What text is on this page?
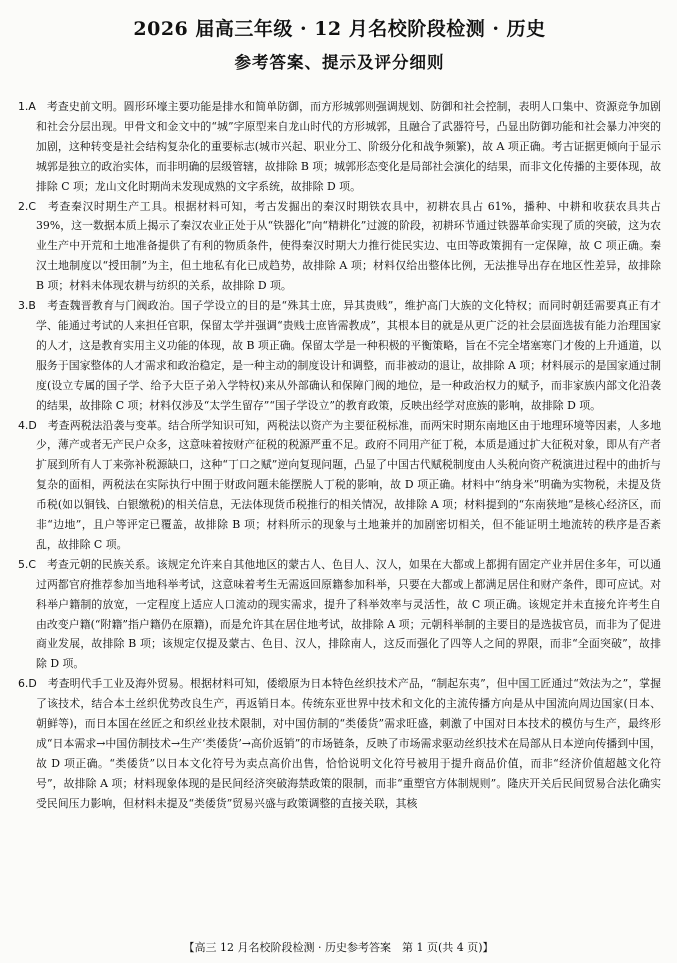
2026 届高三年级 · 12 月名校阶段检测 · 历史
参考答案、提示及评分细则

1.A　 考查史前文明。圆形环壕主要功能是排水和简单防御，而方形城郭则强调规划、防御和社会控制，表明人口集中、资源竞争加剧和社会分层出现。甲骨文和金文中的“城”字原型来自龙山时代的方形城郭，且融合了武器符号，凸显出防御功能和社会暴力冲突的加剧，这种转变是社会结构复杂化的重要标志(城市兴起、职业分工、阶级分化和战争频繁)，故 A 项正确。考古证据更倾向于显示城郭是独立的政治实体，而非明确的层级管辖，故排除 B 项；城郭形态变化是局部社会演化的结果，而非文化传播的主要体现，故排除 C 项；龙山文化时期尚未发现成熟的文字系统，故排除 D 项。

2.C　 考查秦汉时期生产工具。根据材料可知，考古发掘出的秦汉时期铁农具中，初耕农具占 61%，播种、中耕和收获农具共占 39%，这一数据本质上揭示了秦汉农业正处于从“铁器化”向“精耕化”过渡的阶段，初耕环节通过铁器革命实现了质的突破，这为农业生产中开荒和土地准备提供了有利的物质条件，使得秦汉时期大力推行徙民实边、屯田等政策拥有一定保障，故 C 项正确。秦汉土地制度以“授田制”为主，但土地私有化已成趋势，故排除 A 项；材料仅给出整体比例，无法推导出存在地区性差异，故排除 B 项；材料未体现农耕与纺织的关系，故排除 D 项。

3.B　 考查魏晋教育与门阀政治。国子学设立的目的是“殊其士庶，异其贵贱”，维护高门大族的文化特权；而同时朝廷需要真正有才学、能通过考试的人来担任官职，保留太学并强调“贵贱士庶皆需教成”，其根本目的就是从更广泛的社会层面选拔有能力治理国家的人才，这是教育实用主义功能的体现，故 B 项正确。保留太学是一种积极的平衡策略，旨在不完全堵塞寒门才俊的上升通道，以服务于国家整体的人才需求和政治稳定，是一种主动的制度设计和调整，而非被动的退让，故排除 A 项；材料展示的是国家通过制度(设立专属的国子学、给予大臣子弟入学特权)来从外部确认和保障门阀的地位，是一种政治权力的赋予，而非家族内部文化沿袭的结果，故排除 C 项；材料仅涉及“太学生留存”“国子学设立”的教育政策，反映出经学对庶族的影响，故排除 D 项。

4.D　 考查两税法沿袭与变革。结合所学知识可知，两税法以资产为主要征税标准，而两宋时期东南地区由于地理环境等因素，人多地少，薄产或者无产民户众多，这意味着按财产征税的税源严重不足。政府不同用产征丁税，本质是通过扩大征税对象，即从有产者扩展到所有人丁来弥补税源缺口，这种“丁口之赋”逆向复现问题，凸显了中国古代赋税制度由人头税向资产税演进过程中的曲折与复杂的面相，两税法在实际执行中囿于财政问题未能摆脱人丁税的影响，故 D 项正确。材料中“纳身米”明确为实物税，未提及货币税(如以铜钱、白银缴税)的相关信息，无法体现货币税推行的相关情况，故排除 A 项；材料提到的“东南狭地”是核心经济区，而非“边地”，且户等评定已覆盖，故排除 B 项；材料所示的现象与土地兼并的加剧密切相关，但不能证明土地流转的秩序是否紊乱，故排除 C 项。

5.C　 考查元朝的民族关系。该规定允许来自其他地区的蒙古人、色目人、汉人，如果在大都或上都拥有固定产业并居住多年，可以通过两都官府推荐参加当地科举考试，这意味着考生无需返回原籍参加科举，只要在大都或上都满足居住和财产条件，即可应试。对科举户籍制的放宽，一定程度上适应人口流动的现实需求，提升了科举效率与灵活性，故 C 项正确。该规定并未直接允许考生自由改变户籍(“附籍”指户籍仍在原籍)，而是允许其在居住地考试，故排除 A 项；元朝科举制的主要目的是选拔官员，而非为了促进商业发展，故排除 B 项；该规定仅提及蒙古、色目、汉人，排除南人，这反而强化了四等人之间的界限，而非“全面突破”，故排除 D 项。

6.D　 考查明代手工业及海外贸易。根据材料可知，倭缎原为日本特色丝织技术产品，“制起东夷”，但中国工匠通过“效法为之”，掌握了该技术，结合本土丝织优势改良生产，再返销日本。传统东亚世界中技术和文化的主流传播方向是从中国流向周边国家(日本、朝鲜等)，而日本国在丝匠之和织丝业技术限制，对中国仿制的“类倭货”需求旺盛，刺激了中国对日本技术的模仿与生产，最终形成“日本需求→中国仿制技术→生产‘类倭货’→高价返销”的市场链条，反映了市场需求驱动丝织技术在局部从日本逆向传播到中国，故 D 项正确。“类倭货”以日本文化符号为卖点高价出售，恰恰说明文化符号被用于提升商品价值，而非“经济价值超越文化符号”，故排除 A 项；材料现象体现的是民间经济突破海禁政策的限制，而非“重塑官方体制规则”。隆庆开关后民间贸易合法化确实受民间压力影响，但材料未提及“类倭货”贸易兴盛与政策调整的直接关联，其核

【高三 12 月名校阶段检测 · 历史参考答案　第 1 页(共 4 页)】
